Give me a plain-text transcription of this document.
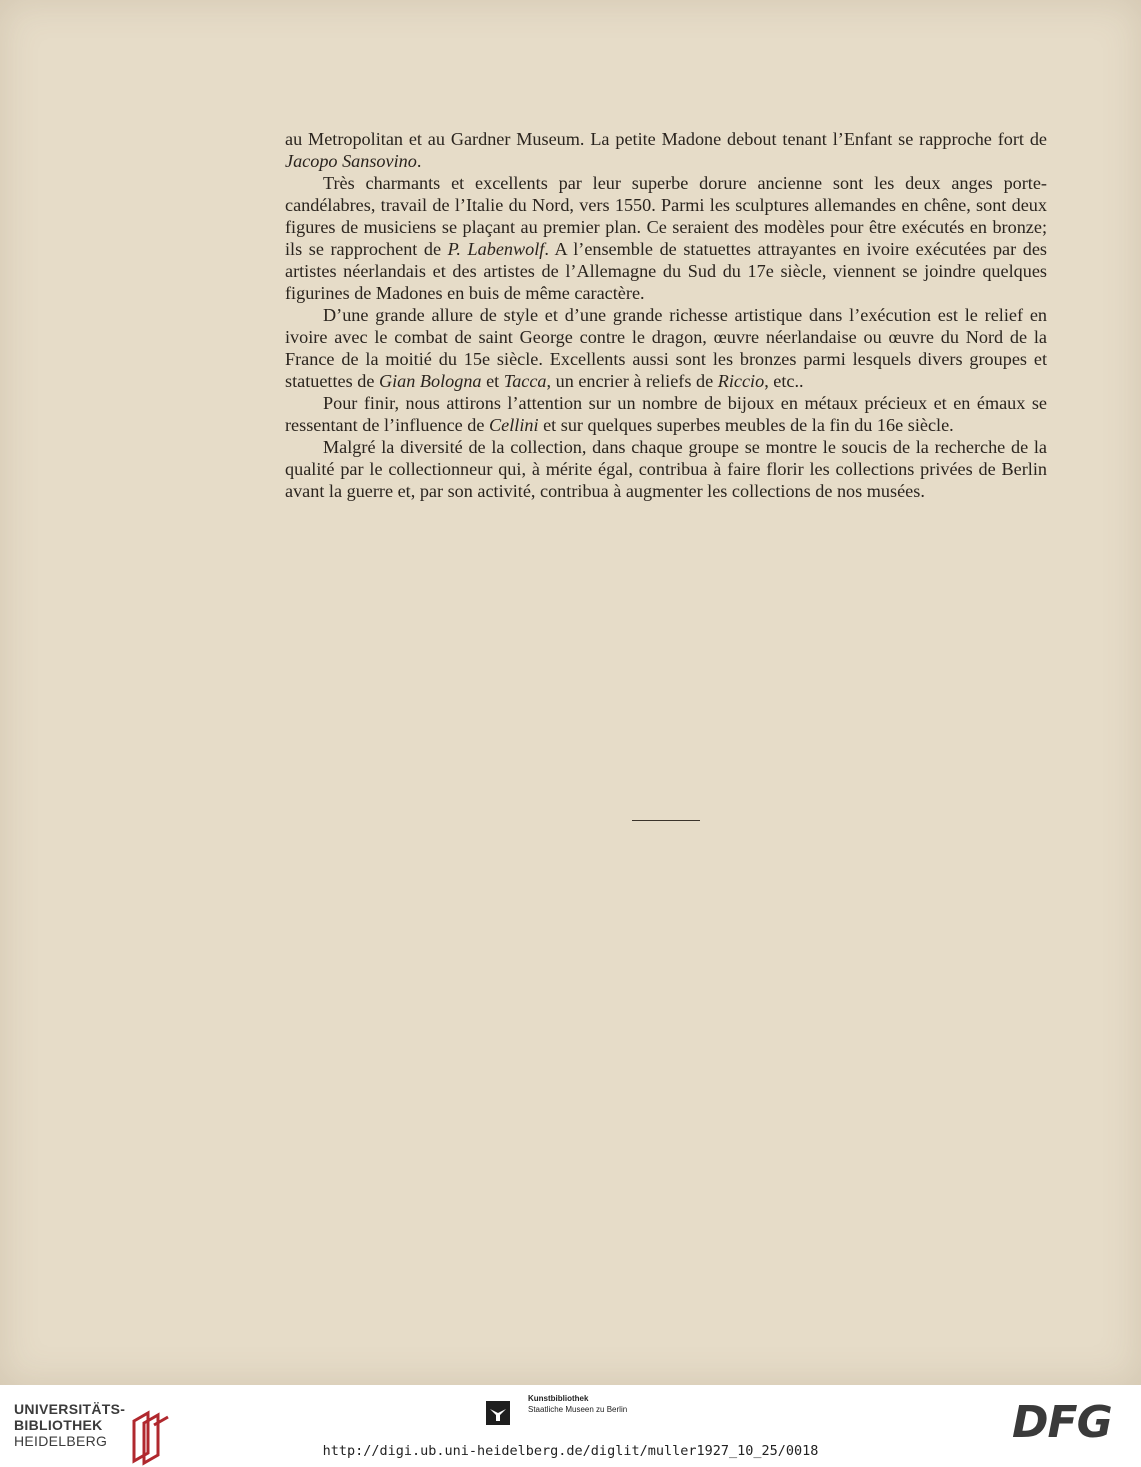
au Metropolitan et au Gardner Museum. La petite Madone debout tenant l’Enfant se rapproche fort de Jacopo Sansovino.

Très charmants et excellents par leur superbe dorure ancienne sont les deux anges porte-candélabres, travail de l’Italie du Nord, vers 1550. Parmi les sculptures allemandes en chêne, sont deux figures de musiciens se plaçant au premier plan. Ce seraient des modèles pour être exécutés en bronze; ils se rapprochent de P. Labenwolf. A l’ensemble de statuettes attrayantes en ivoire exécutées par des artistes néerlandais et des artistes de l’Allemagne du Sud du 17e siècle, viennent se joindre quelques figurines de Madones en buis de même caractère.

D’une grande allure de style et d’une grande richesse artistique dans l’exécution est le relief en ivoire avec le combat de saint George contre le dragon, œuvre néerlandaise ou œuvre du Nord de la France de la moitié du 15e siècle. Excellents aussi sont les bronzes parmi lesquels divers groupes et statuettes de Gian Bologna et Tacca, un encrier à reliefs de Riccio, etc..

Pour finir, nous attirons l’attention sur un nombre de bijoux en métaux précieux et en émaux se ressentant de l’influence de Cellini et sur quelques superbes meubles de la fin du 16e siècle.

Malgré la diversité de la collection, dans chaque groupe se montre le soucis de la recherche de la qualité par le collectionneur qui, à mérite égal, contribua à faire florir les collections privées de Berlin avant la guerre et, par son activité, contribua à augmenter les collections de nos musées.

UNIVERSITÄTS-
BIBLIOTHEK
HEIDELBERG
Kunstbibliothek
Staatliche Museen zu Berlin	DFG
http://digi.ub.uni-heidelberg.de/diglit/muller1927_10_25/0018
